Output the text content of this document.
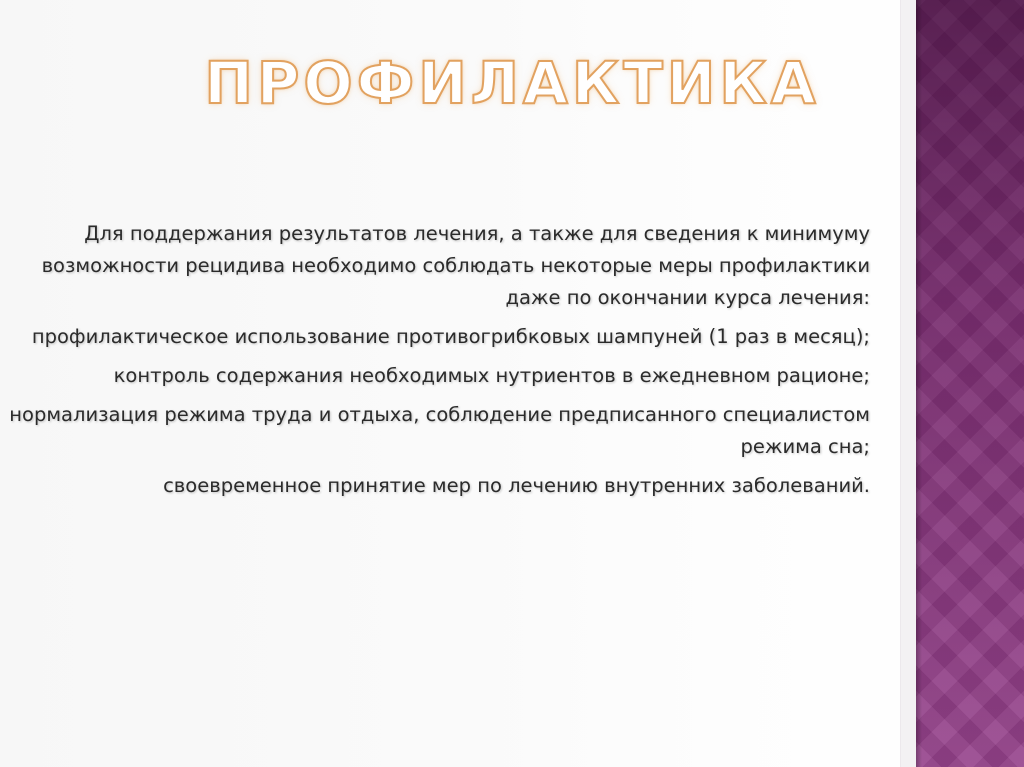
ПРОФИЛАКТИКА

Для поддержания результатов лечения, а также для сведения к минимуму возможности рецидива необходимо соблюдать некоторые меры профилактики даже по окончании курса лечения:

профилактическое использование противогрибковых шампуней (1 раз в месяц);

контроль содержания необходимых нутриентов в ежедневном рационе;

нормализация режима труда и отдыха, соблюдение предписанного специалистом режима сна;

своевременное принятие мер по лечению внутренних заболеваний.
